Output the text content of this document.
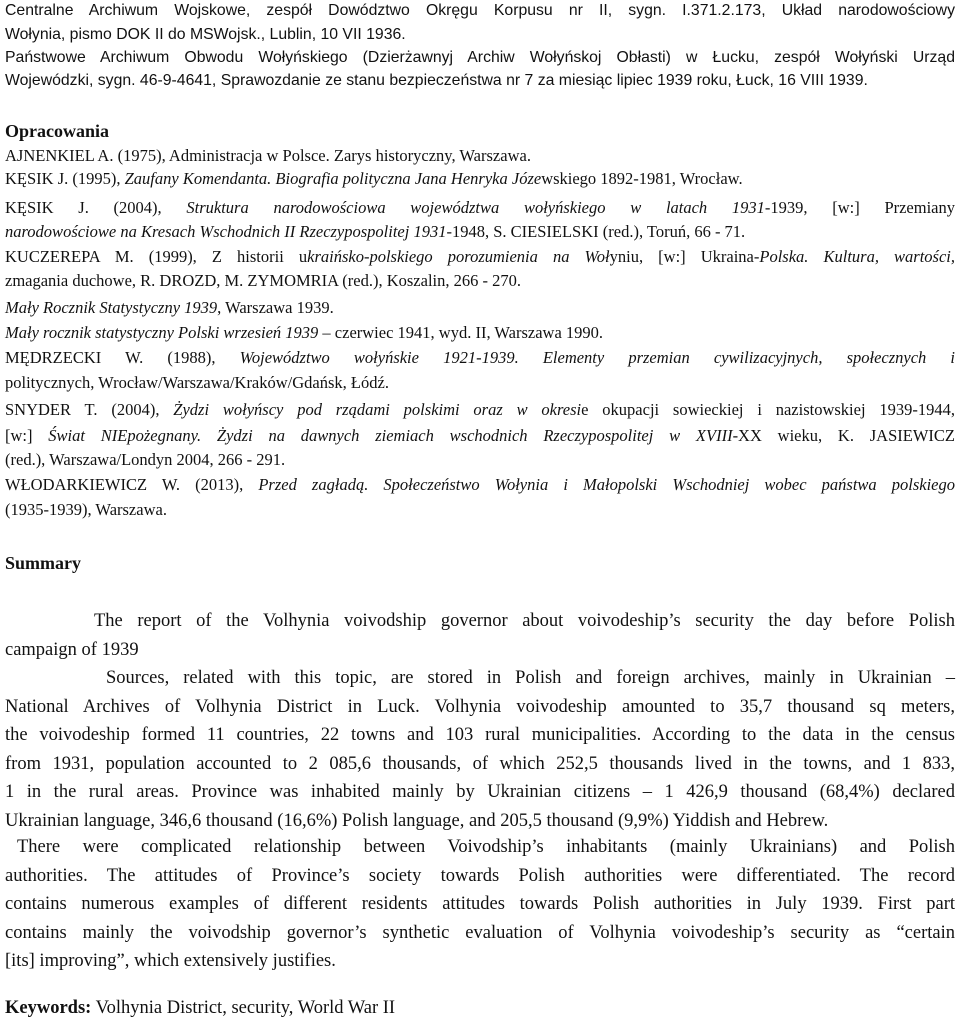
Centralne Archiwum Wojskowe, zespół Dowództwo Okręgu Korpusu nr II, sygn. I.371.2.173, Układ narodowościowy
Wołynia, pismo DOK II do MSWojsk., Lublin, 10 VII 1936.
Państwowe Archiwum Obwodu Wołyńskiego (Dzierżawnyj Archiw Wołyńskoj Obłasti) w Łucku, zespół Wołyński Urząd
Wojewódzki, sygn. 46-9-4641, Sprawozdanie ze stanu bezpieczeństwa nr 7 za miesiąc lipiec 1939 roku, Łuck, 16 VIII 1939.
Opracowania
AJNENKIEL A. (1975), Administracja w Polsce. Zarys historyczny, Warszawa.
KĘSIK J. (1995), Zaufany Komendanta. Biografia polityczna Jana Henryka Józewskiego 1892-1981, Wrocław.
KĘSIK J. (2004), Struktura narodowościowa województwa wołyńskiego w latach 1931-1939, [w:] Przemiany
narodowościowe na Kresach Wschodnich II Rzeczypospolitej 1931-1948, S. CIESIELSKI (red.), Toruń, 66 - 71.
KUCZEREPA M. (1999), Z historii ukraińsko-polskiego porozumienia na Wołyniu, [w:] Ukraina-Polska. Kultura, wartości,
zmagania duchowe, R. DROZD, M. ZYMOMRIA (red.), Koszalin, 266 - 270.
Mały Rocznik Statystyczny 1939, Warszawa 1939.
Mały rocznik statystyczny Polski wrzesień 1939 – czerwiec 1941, wyd. II, Warszawa 1990.
MĘDRZECKI W. (1988), Województwo wołyńskie 1921-1939. Elementy przemian cywilizacyjnych, społecznych i
politycznych, Wrocław/Warszawa/Kraków/Gdańsk, Łódź.
SNYDER T. (2004), Żydzi wołyńscy pod rządami polskimi oraz w okresie okupacji sowieckiej i nazistowskiej 1939-1944,
[w:] Świat NIEpożegnany. Żydzi na dawnych ziemiach wschodnich Rzeczypospolitej w XVIII-XX wieku, K. JASIEWICZ
(red.), Warszawa/Londyn 2004, 266 - 291.
WŁODARKIEWICZ W. (2013), Przed zagładą. Społeczeństwo Wołynia i Małopolski Wschodniej wobec państwa polskiego
(1935-1939), Warszawa.
Summary
The report of the Volhynia voivodship governor about voivodeship’s security the day before Polish
campaign of 1939
Sources, related with this topic, are stored in Polish and foreign archives, mainly in Ukrainian –
National Archives of Volhynia District in Luck. Volhynia voivodeship amounted to 35,7 thousand sq meters,
the voivodeship formed 11 countries, 22 towns and 103 rural municipalities. According to the data in the census
from 1931, population accounted to 2 085,6 thousands, of which 252,5 thousands lived in the towns, and 1 833,
1 in the rural areas. Province was inhabited mainly by Ukrainian citizens – 1 426,9 thousand (68,4%) declared
Ukrainian language, 346,6 thousand (16,6%) Polish language, and 205,5 thousand (9,9%) Yiddish and Hebrew.
There were complicated relationship between Voivodship’s inhabitants (mainly Ukrainians) and Polish
authorities. The attitudes of Province’s society towards Polish authorities were differentiated. The record
contains numerous examples of different residents attitudes towards Polish authorities in July 1939. First part
contains mainly the voivodship governor’s synthetic evaluation of Volhynia voivodeship’s security as “certain
[its] improving”, which extensively justifies.
Keywords: Volhynia District, security, World War II
